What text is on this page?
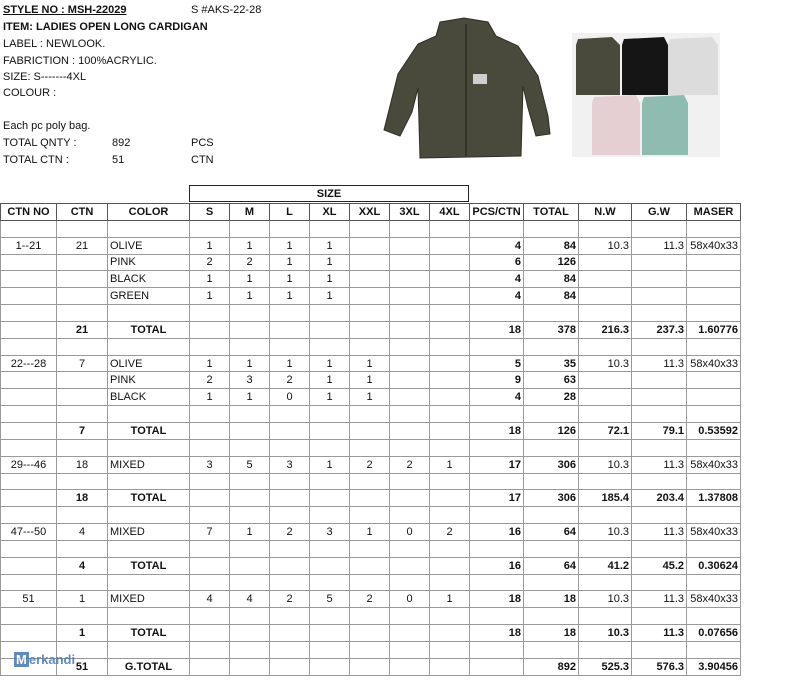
STYLE NO : MSH-22029	S #AKS-22-28
ITEM: LADIES OPEN LONG CARDIGAN
LABEL : NEWLOOK.
FABRICTION : 100%ACRYLIC.
SIZE: S-------4XL
COLOUR :
Each pc poly bag.
TOTAL QNTY :	892	PCS
TOTAL CTN :	51	CTN
SIZE
CTN NO	CTN	COLOR	S	M	L	XL	XXL	3XL	4XL	PCS/CTN	TOTAL	N.W	G.W	MASER

1--21	21	OLIVE	1	1	1	1				4	84	10.3	11.3	58x40x33
		PINK	2	2	1	1				6	126			
		BLACK	1	1	1	1				4	84			
		GREEN	1	1	1	1				4	84			

	21	TOTAL								18	378	216.3	237.3	1.60776

22---28	7	OLIVE	1	1	1	1	1			5	35	10.3	11.3	58x40x33
		PINK	2	3	2	1	1			9	63			
		BLACK	1	1	0	1	1			4	28			

	7	TOTAL								18	126	72.1	79.1	0.53592

29---46	18	MIXED	3	5	3	1	2	2	1	17	306	10.3	11.3	58x40x33

	18	TOTAL								17	306	185.4	203.4	1.37808

47---50	4	MIXED	7	1	2	3	1	0	2	16	64	10.3	11.3	58x40x33

	4	TOTAL								16	64	41.2	45.2	0.30624

51	1	MIXED	4	4	2	5	2	0	1	18	18	10.3	11.3	58x40x33

	1	TOTAL								18	18	10.3	11.3	0.07656

	51	G.TOTAL									892	525.3	576.3	3.90456
M erkandi
